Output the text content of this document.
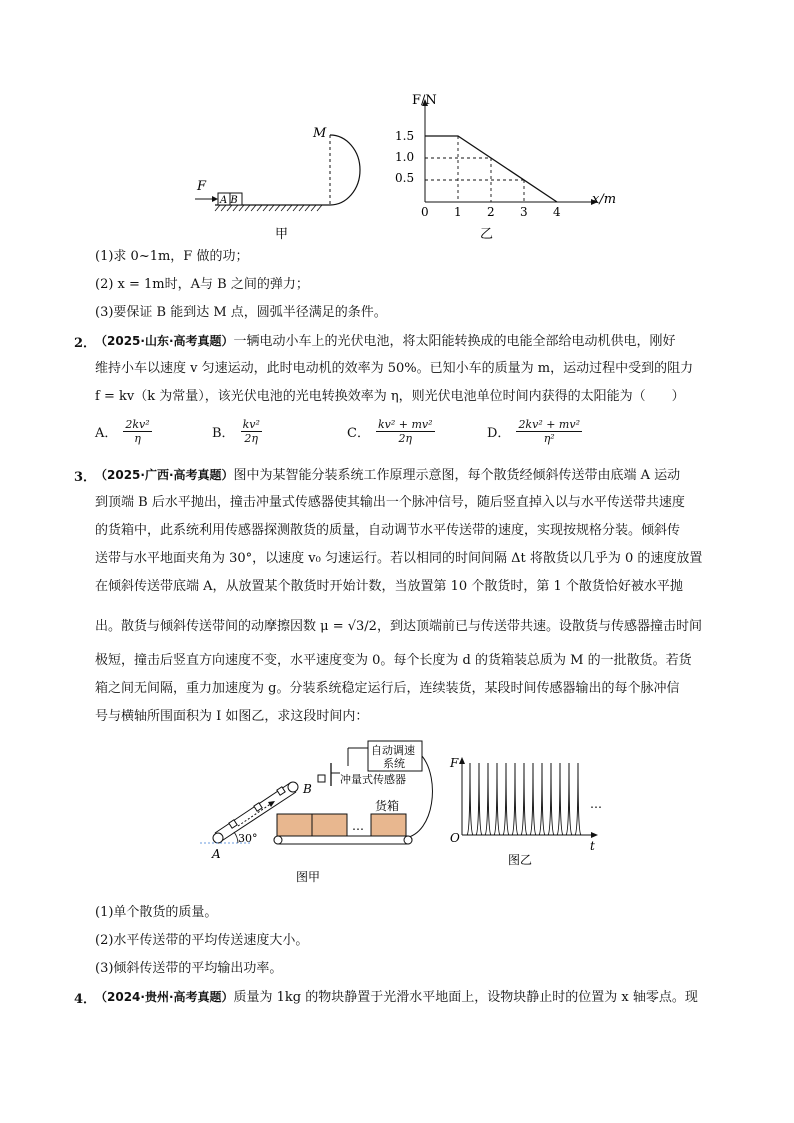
A B
F
M
甲
F/N
x/m
1.5
1.0
0.5
0 1 2 3 4
乙
(1)求 0~1m，F 做的功；
(2) x = 1m时，A与 B 之间的弹力；
(3)要保证 B 能到达 M 点，圆弧半径满足的条件。
2．
（2025·山东·高考真题）一辆电动小车上的光伏电池，将太阳能转换成的电能全部给电动机供电，刚好
维持小车以速度 v 匀速运动，此时电动机的效率为 50%。已知小车的质量为 m，运动过程中受到的阻力
f = kv（k 为常量），该光伏电池的光电转换效率为 η，则光伏电池单位时间内获得的太阳能为（　　）
A． $\frac{\text{2kv²}}{\eta}$	B． $\frac{\text{kv²}}{2\eta}$	C． $\frac{\text{kv² + mv²}}{2\eta}$	D． $\frac{\text{2kv² + mv²}}{\text{η²}}$
3．
（2025·广西·高考真题）图中为某智能分装系统工作原理示意图，每个散货经倾斜传送带由底端 A 运动
到顶端 B 后水平抛出，撞击冲量式传感器使其输出一个脉冲信号，随后竖直掉入以与水平传送带共速度
的货箱中，此系统利用传感器探测散货的质量，自动调节水平传送带的速度，实现按规格分装。倾斜传
送带与水平地面夹角为 30°，以速度 v₀ 匀速运行。若以相同的时间间隔 Δt 将散货以几乎为 0 的速度放置
在倾斜传送带底端 A，从放置某个散货时开始计数，当放置第 10 个散货时，第 1 个散货恰好被水平抛
出。散货与倾斜传送带间的动摩擦因数 μ = √3/2，到达顶端前已与传送带共速。设散货与传感器撞击时间
极短，撞击后竖直方向速度不变，水平速度变为 0。每个长度为 d 的货箱装总质为 M 的一批散货。若货
箱之间无间隔，重力加速度为 g。分装系统稳定运行后，连续装货，某段时间传感器输出的每个脉冲信
号与横轴所围面积为 I 如图乙，求这段时间内：
30°
A
B
冲量式传感器
自动调速
系统
…
货箱
图甲
F
O
t
…
图乙
(1)单个散货的质量。
(2)水平传送带的平均传送速度大小。
(3)倾斜传送带的平均输出功率。
4．
（2024·贵州·高考真题）质量为 1kg 的物块静置于光滑水平地面上，设物块静止时的位置为 x 轴零点。现
